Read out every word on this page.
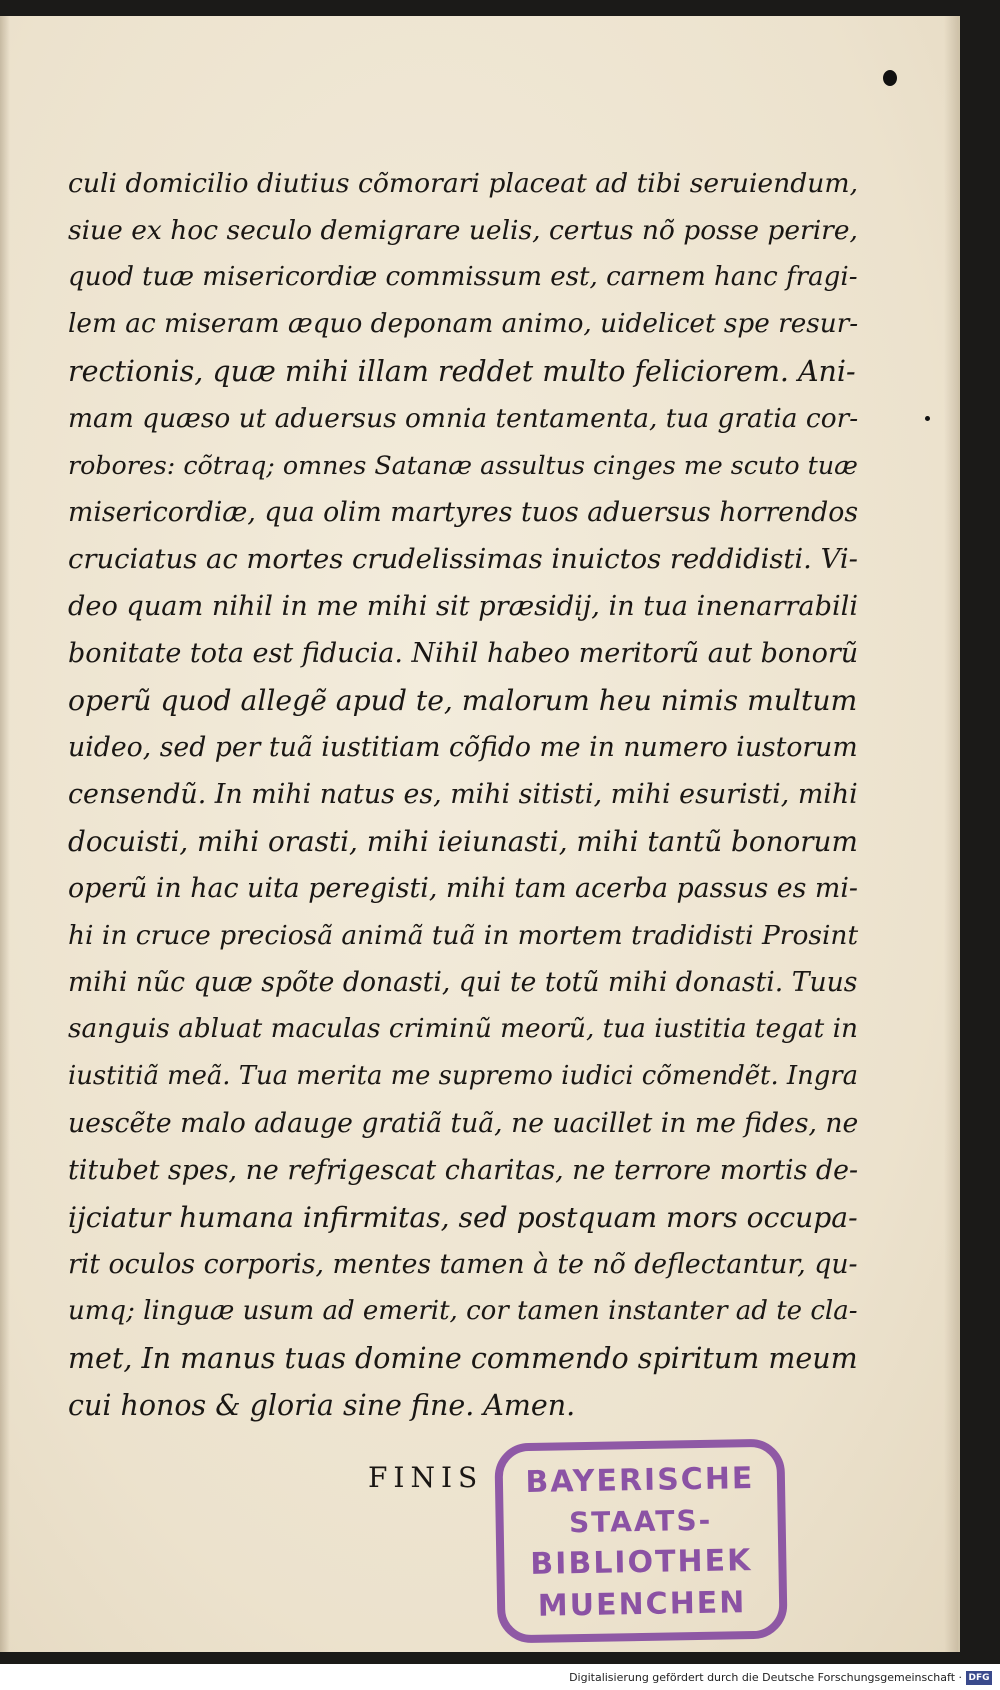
culi domicilio diutius cõmorari placeat ad tibi seruiendum,
siue ex hoc seculo demigrare uelis, certus nõ posse perire,
quod tuæ misericordiæ commissum est, carnem hanc fragi-
lem ac miseram æquo deponam animo, uidelicet spe resur-
rectionis, quæ mihi illam reddet multo feliciorem. Ani-
mam quæso ut aduersus omnia tentamenta, tua gratia cor-
robores: cõtraq; omnes Satanæ assultus cinges me scuto tuæ
misericordiæ, qua olim martyres tuos aduersus horrendos
cruciatus ac mortes crudelissimas inuictos reddidisti. Vi-
deo quam nihil in me mihi sit præsidij, in tua inenarrabili
bonitate tota est fiducia. Nihil habeo meritorũ aut bonorũ
operũ quod allegẽ apud te, malorum heu nimis multum
uideo, sed per tuã iustitiam cõfido me in numero iustorum
censendũ. In mihi natus es, mihi sitisti, mihi esuristi, mihi
docuisti, mihi orasti, mihi ieiunasti, mihi tantũ bonorum
operũ in hac uita peregisti, mihi tam acerba passus es mi-
hi in cruce preciosã animã tuã in mortem tradidisti Prosint
mihi nũc quæ spõte donasti, qui te totũ mihi donasti. Tuus
sanguis abluat maculas criminũ meorũ, tua iustitia tegat in
iustitiã meã. Tua merita me supremo iudici cõmendẽt. Ingra
uescẽte malo adauge gratiã tuã, ne uacillet in me fides, ne
titubet spes, ne refrigescat charitas, ne terrore mortis de-
ijciatur humana infirmitas, sed postquam mors occupa-
rit oculos corporis, mentes tamen à te nõ deflectantur, qu-
umq; linguæ usum ad emerit, cor tamen instanter ad te cla-
met, In manus tuas domine commendo spiritum meum
cui honos & gloria sine fine. Amen.
FINIS	BAYERISCHE
STAATS-
BIBLIOTHEK
MUENCHEN
Digitalisierung gefördert durch die Deutsche Forschungsgemeinschaft · DFG
